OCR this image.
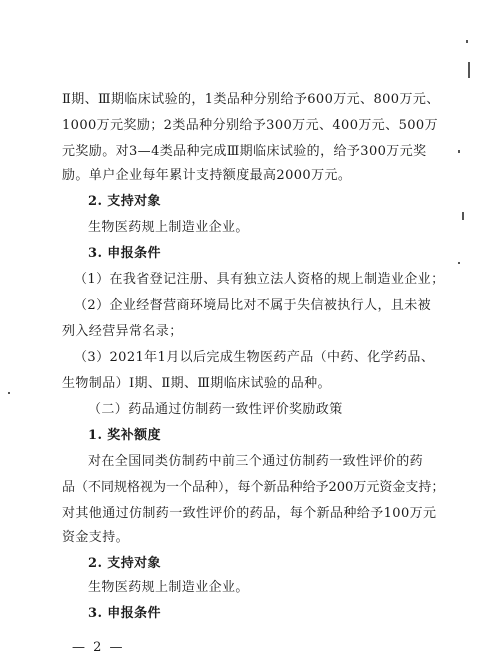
Ⅱ期、Ⅲ期临床试验的，1类品种分别给予600万元、800万元、
1000万元奖励；2类品种分别给予300万元、400万元、500万
元奖励。对3—4类品种完成Ⅲ期临床试验的，给予300万元奖
励。单户企业每年累计支持额度最高2000万元。
2. 支持对象
生物医药规上制造业企业。
3. 申报条件
（1）在我省登记注册、具有独立法人资格的规上制造业企业；
（2）企业经督营商环境局比对不属于失信被执行人，且未被
列入经营异常名录；
（3）2021年1月以后完成生物医药产品（中药、化学药品、
生物制品）Ⅰ期、Ⅱ期、Ⅲ期临床试验的品种。
（二）药品通过仿制药一致性评价奖励政策
1. 奖补额度
对在全国同类仿制药中前三个通过仿制药一致性评价的药
品（不同规格视为一个品种），每个新品种给予200万元资金支持；
对其他通过仿制药一致性评价的药品，每个新品种给予100万元
资金支持。
2. 支持对象
生物医药规上制造业企业。
3. 申报条件
— 2 —
